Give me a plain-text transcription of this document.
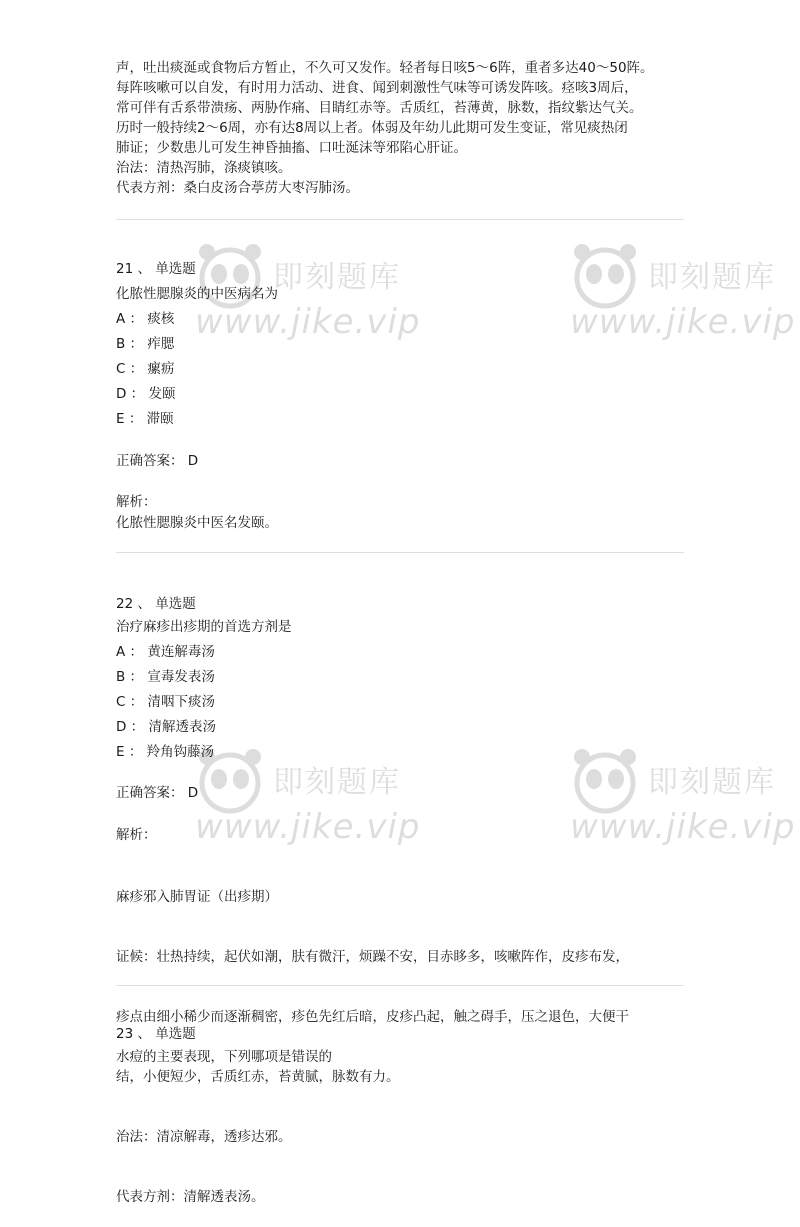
即刻题库
www.jike.vip
即刻题库
www.jike.vip
即刻题库
www.jike.vip
即刻题库
www.jike.vip
声，吐出痰涎或食物后方暂止，不久可又发作。轻者每日咳5～6阵，重者多达40～50阵。
每阵咳嗽可以自发，有时用力活动、进食、闻到刺激性气味等可诱发阵咳。痉咳3周后，
常可伴有舌系带溃疡、两胁作痛、目睛红赤等。舌质红，苔薄黄，脉数，指纹紫达气关。
历时一般持续2～6周，亦有达8周以上者。体弱及年幼儿此期可发生变证，常见痰热闭
肺证；少数患儿可发生神昏抽搐、口吐涎沫等邪陷心肝证。
治法：清热泻肺，涤痰镇咳。
代表方剂：桑白皮汤合葶苈大枣泻肺汤。
21 、 单选题
化脓性腮腺炎的中医病名为
A ： 痰核
B ： 痄腮
C ： 瘰疬
D ： 发颐
E ： 滞颐
正确答案： D
解析：
化脓性腮腺炎中医名发颐。
22 、 单选题
治疗麻疹出疹期的首选方剂是
A ： 黄连解毒汤
B ： 宣毒发表汤
C ： 清咽下痰汤
D ： 清解透表汤
E ： 羚角钩藤汤
正确答案： D
解析：

麻疹邪入肺胃证（出疹期）

证候：壮热持续，起伏如潮，肤有微汗，烦躁不安，目赤眵多，咳嗽阵作，皮疹布发，

疹点由细小稀少而逐渐稠密，疹色先红后暗，皮疹凸起，触之碍手，压之退色，大便干

结，小便短少，舌质红赤，苔黄腻，脉数有力。

治法：清凉解毒，透疹达邪。

代表方剂：清解透表汤。

23 、 单选题
水痘的主要表现，下列哪项是错误的
